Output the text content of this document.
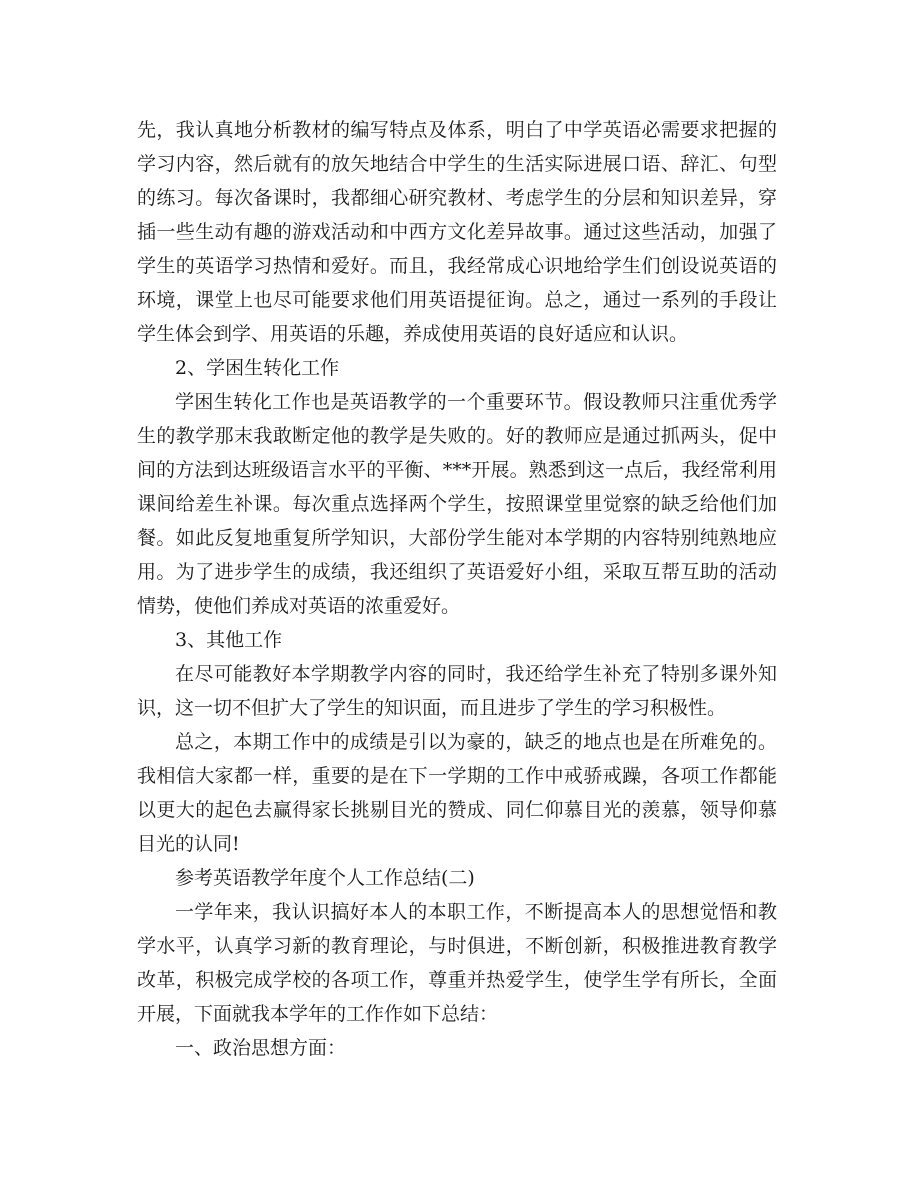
先，我认真地分析教材的编写特点及体系，明白了中学英语必需要求把握的学习内容，然后就有的放矢地结合中学生的生活实际进展口语、辞汇、句型的练习。每次备课时，我都细心研究教材、考虑学生的分层和知识差异，穿插一些生动有趣的游戏活动和中西方文化差异故事。通过这些活动，加强了学生的英语学习热情和爱好。而且，我经常成心识地给学生们创设说英语的环境，课堂上也尽可能要求他们用英语提征询。总之，通过一系列的手段让学生体会到学、用英语的乐趣，养成使用英语的良好适应和认识。

2、学困生转化工作

学困生转化工作也是英语教学的一个重要环节。假设教师只注重优秀学生的教学那末我敢断定他的教学是失败的。好的教师应是通过抓两头，促中间的方法到达班级语言水平的平衡、***开展。熟悉到这一点后，我经常利用课间给差生补课。每次重点选择两个学生，按照课堂里觉察的缺乏给他们加餐。如此反复地重复所学知识，大部份学生能对本学期的内容特别纯熟地应用。为了进步学生的成绩，我还组织了英语爱好小组，采取互帮互助的活动情势，使他们养成对英语的浓重爱好。

3、其他工作

在尽可能教好本学期教学内容的同时，我还给学生补充了特别多课外知识，这一切不但扩大了学生的知识面，而且进步了学生的学习积极性。

总之，本期工作中的成绩是引以为豪的，缺乏的地点也是在所难免的。我相信大家都一样，重要的是在下一学期的工作中戒骄戒躁，各项工作都能以更大的起色去赢得家长挑剔目光的赞成、同仁仰慕目光的羡慕，领导仰慕目光的认同!

参考英语教学年度个人工作总结(二)

一学年来，我认识搞好本人的本职工作，不断提高本人的思想觉悟和教学水平，认真学习新的教育理论，与时俱进，不断创新，积极推进教育教学改革，积极完成学校的各项工作，尊重并热爱学生，使学生学有所长，全面开展，下面就我本学年的工作作如下总结：

一、政治思想方面：
